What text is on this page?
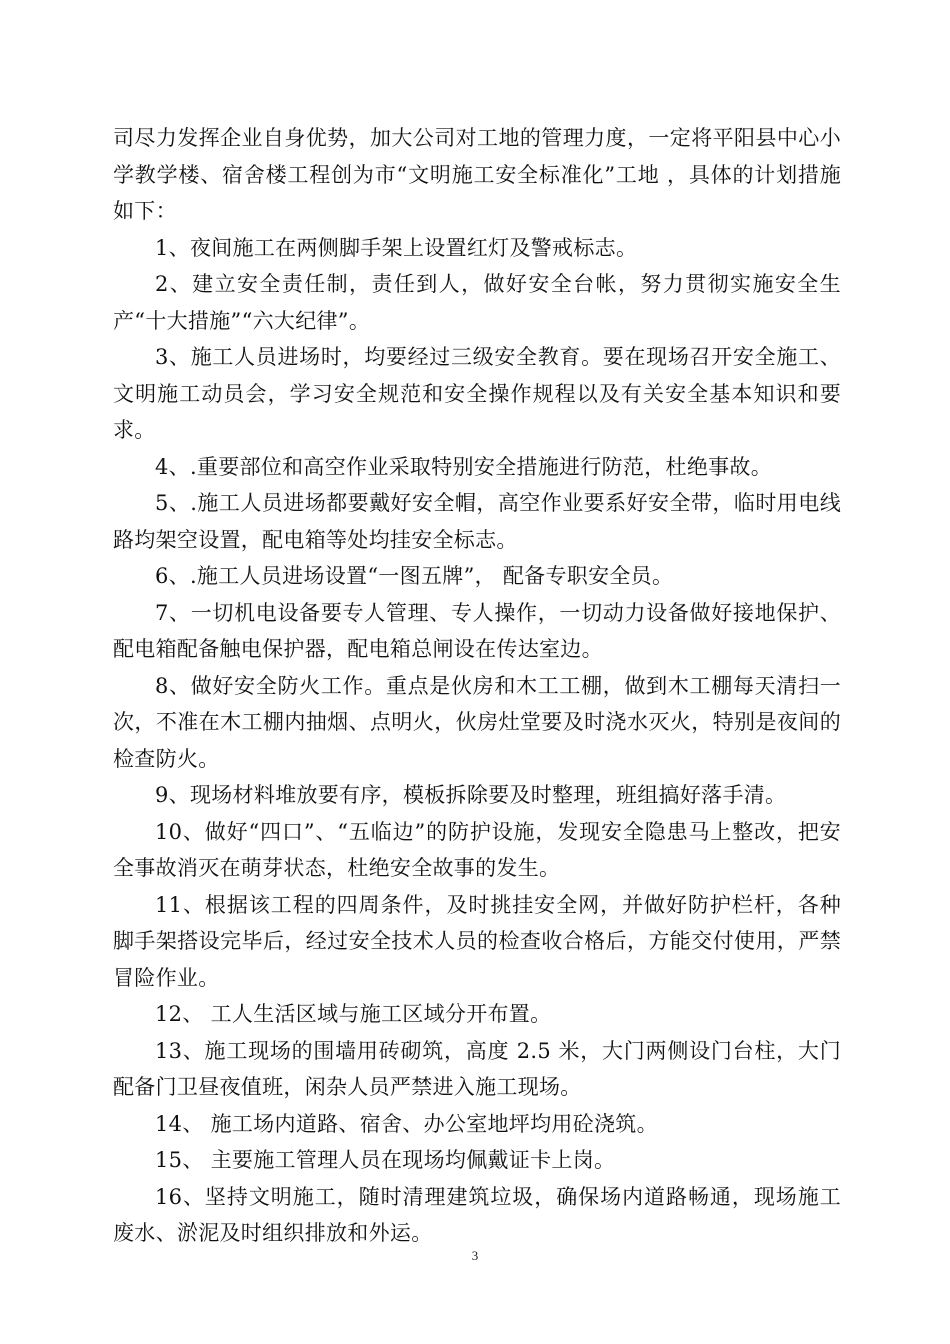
司尽力发挥企业自身优势，加大公司对工地的管理力度，一定将平阳县中心小学教学楼、宿舍楼工程创为市“文明施工安全标准化”工地 ，具体的计划措施如下：

1、夜间施工在两侧脚手架上设置红灯及警戒标志。

2、建立安全责任制，责任到人，做好安全台帐，努力贯彻实施安全生产“十大措施”“六大纪律”。

3、施工人员进场时，均要经过三级安全教育。要在现场召开安全施工、文明施工动员会，学习安全规范和安全操作规程以及有关安全基本知识和要求。

4、.重要部位和高空作业采取特别安全措施进行防范，杜绝事故。

5、.施工人员进场都要戴好安全帽，高空作业要系好安全带，临时用电线路均架空设置，配电箱等处均挂安全标志。

6、.施工人员进场设置“一图五牌”， 配备专职安全员。

7、一切机电设备要专人管理、专人操作，一切动力设备做好接地保护、配电箱配备触电保护器，配电箱总闸设在传达室边。

8、做好安全防火工作。重点是伙房和木工工棚，做到木工棚每天清扫一次，不准在木工棚内抽烟、点明火，伙房灶堂要及时浇水灭火，特别是夜间的检查防火。

9、现场材料堆放要有序，模板拆除要及时整理，班组搞好落手清。

10、做好“四口”、“五临边”的防护设施，发现安全隐患马上整改，把安全事故消灭在萌芽状态，杜绝安全故事的发生。

11、根据该工程的四周条件，及时挑挂安全网，并做好防护栏杆，各种脚手架搭设完毕后，经过安全技术人员的检查收合格后，方能交付使用，严禁冒险作业。

12、 工人生活区域与施工区域分开布置。

13、施工现场的围墙用砖砌筑，高度 2.5 米，大门两侧设门台柱，大门配备门卫昼夜值班，闲杂人员严禁进入施工现场。

14、 施工场内道路、宿舍、办公室地坪均用砼浇筑。

15、 主要施工管理人员在现场均佩戴证卡上岗。

16、坚持文明施工，随时清理建筑垃圾，确保场内道路畅通，现场施工废水、淤泥及时组织排放和外运。

3
